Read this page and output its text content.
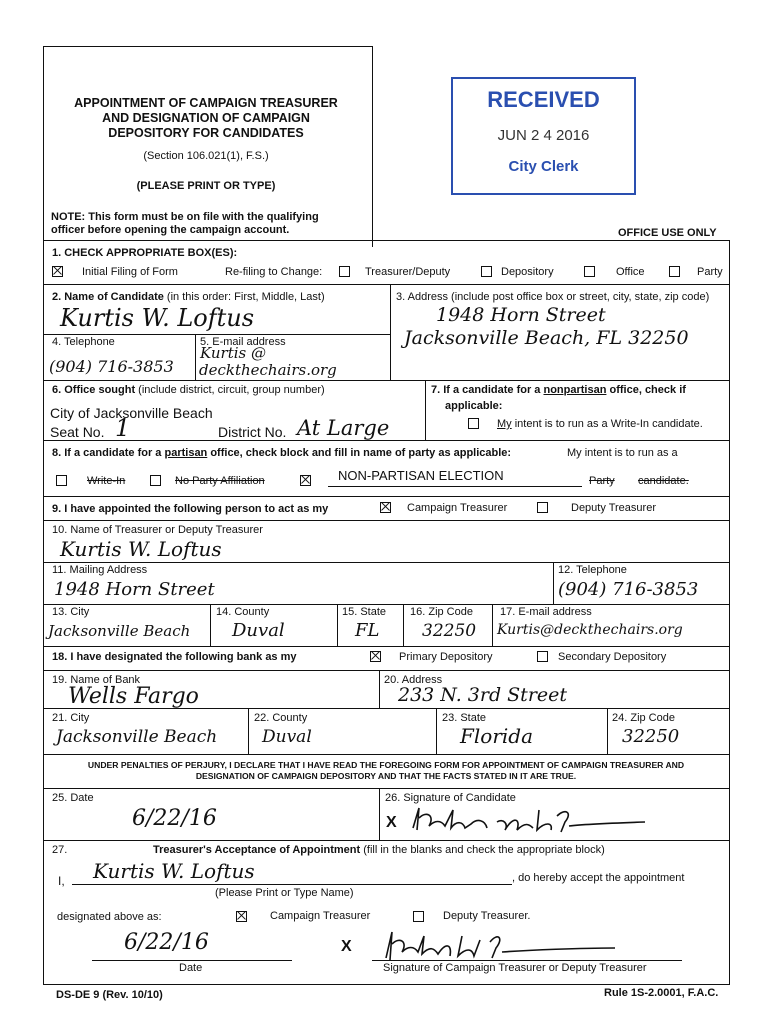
APPOINTMENT OF CAMPAIGN TREASURER
AND DESIGNATION OF CAMPAIGN
DEPOSITORY FOR CANDIDATES
(Section 106.021(1), F.S.)
(PLEASE PRINT OR TYPE)
NOTE: This form must be on file with the qualifying
officer before opening the campaign account.	OFFICE USE ONLY
RECEIVED
JUN 2 4 2016
City Clerk
1. CHECK APPROPRIATE BOX(ES):
Initial Filing of Form	Re-filing to Change:	Treasurer/Deputy	Depository	Office	Party
2. Name of Candidate (in this order: First, Middle, Last)
Kurtis W. Loftus
3. Address (include post office box or street, city, state, zip code)
1948 Horn Street
Jacksonville Beach, FL 32250
4. Telephone
(904) 716-3853
5. E-mail address
Kurtis @
deckthechairs.org
6. Office sought (include district, circuit, group number)
City of Jacksonville Beach
Seat No. 1	District No. At Large
7. If a candidate for a nonpartisan office, check if
applicable:
My intent is to run as a Write-In candidate.
8. If a candidate for a partisan office, check block and fill in name of party as applicable:	My intent is to run as a
Write-In	No Party Affiliation	NON-PARTISAN ELECTION	Party candidate.
9. I have appointed the following person to act as my	Campaign Treasurer	Deputy Treasurer
10. Name of Treasurer or Deputy Treasurer
Kurtis W. Loftus
11. Mailing Address
1948 Horn Street
12. Telephone
(904) 716-3853
13. City
Jacksonville Beach
14. County
Duval
15. State
FL
16. Zip Code
32250
17. E-mail address
Kurtis@deckthechairs.org
18. I have designated the following bank as my	Primary Depository	Secondary Depository
19. Name of Bank
Wells Fargo
20. Address
233 N. 3rd Street
21. City
Jacksonville Beach
22. County
Duval
23. State
Florida
24. Zip Code
32250
UNDER PENALTIES OF PERJURY, I DECLARE THAT I HAVE READ THE FOREGOING FORM FOR APPOINTMENT OF CAMPAIGN TREASURER AND
DESIGNATION OF CAMPAIGN DEPOSITORY AND THAT THE FACTS STATED IN IT ARE TRUE.
25. Date
6/22/16
26. Signature of Candidate
X
27.	Treasurer's Acceptance of Appointment (fill in the blanks and check the appropriate block)
I, Kurtis W. Loftus	, do hereby accept the appointment
(Please Print or Type Name)
designated above as:	Campaign Treasurer	Deputy Treasurer.
6/22/16
Date
X
Signature of Campaign Treasurer or Deputy Treasurer
DS-DE 9 (Rev. 10/10)	Rule 1S-2.0001, F.A.C.
